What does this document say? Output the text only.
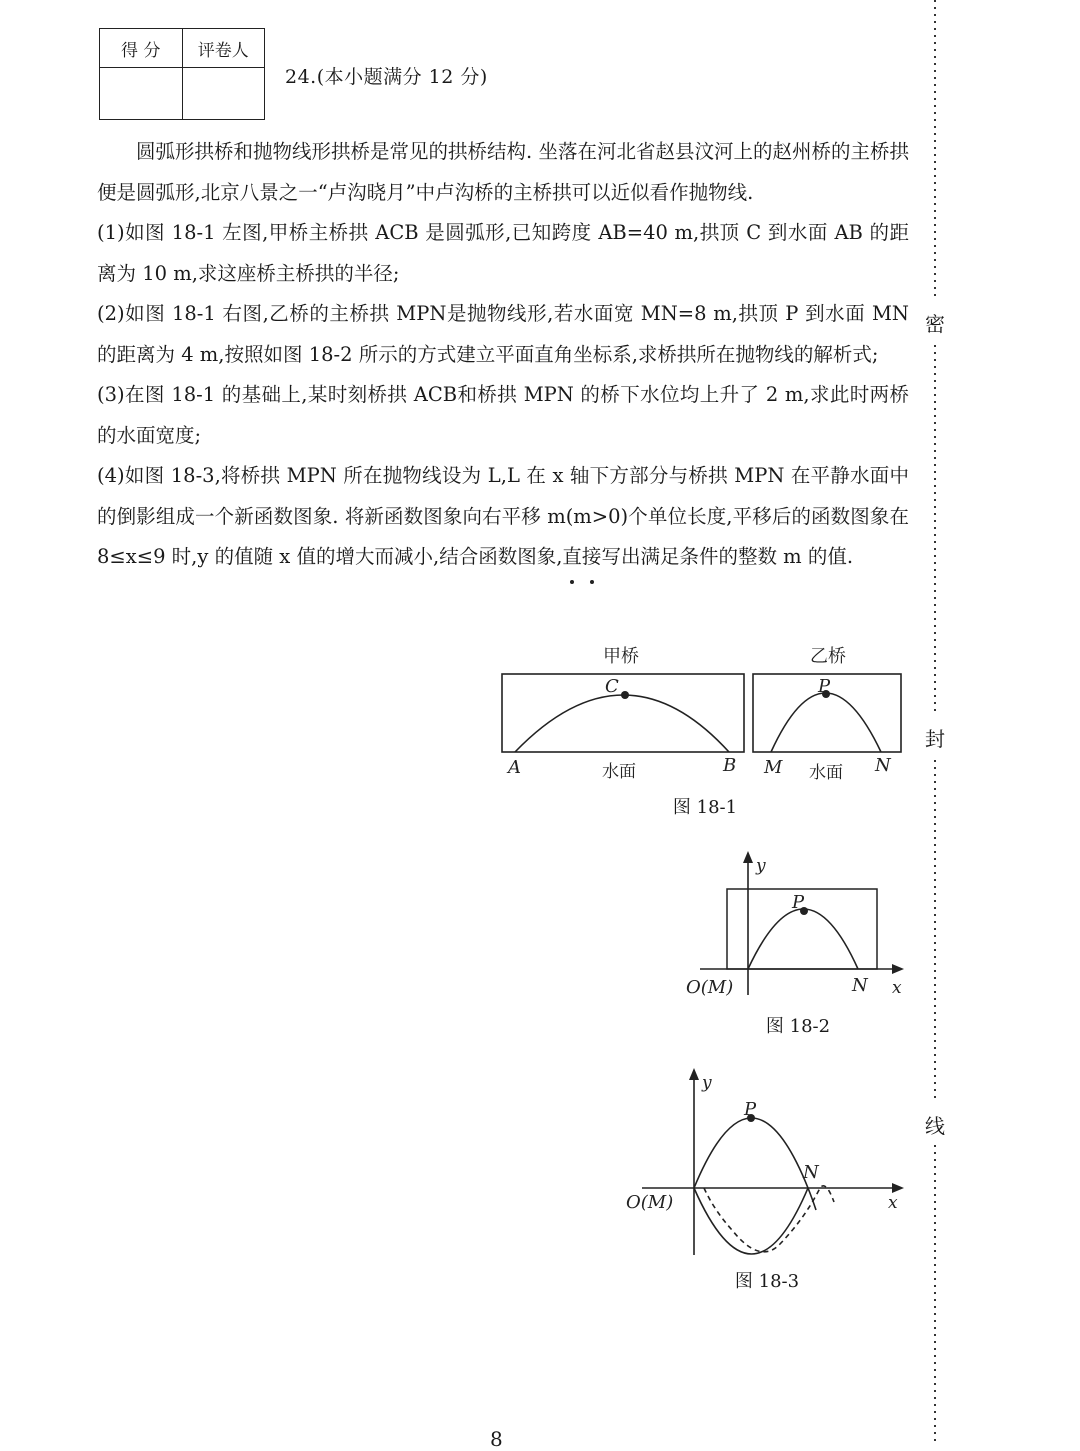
得 分	评卷人

24.(本小题满分 12 分)

圆弧形拱桥和抛物线形拱桥是常见的拱桥结构. 坐落在河北省赵县汶河上的赵州桥的主桥拱便是圆弧形,北京八景之一“卢沟晓月”中卢沟桥的主桥拱可以近似看作抛物线.

(1)如图 18-1 左图,甲桥主桥拱 ACB 是圆弧形,已知跨度 AB=40 m,拱顶 C 到水面 AB 的距离为 10 m,求这座桥主桥拱的半径;

(2)如图 18-1 右图,乙桥的主桥拱 MPN是抛物线形,若水面宽 MN=8 m,拱顶 P 到水面 MN 的距离为 4 m,按照如图 18-2 所示的方式建立平面直角坐标系,求桥拱所在抛物线的解析式;

(3)在图 18-1 的基础上,某时刻桥拱 ACB和桥拱 MPN 的桥下水位均上升了 2 m,求此时两桥的水面宽度;

(4)如图 18-3,将桥拱 MPN 所在抛物线设为 L,L 在 x 轴下方部分与桥拱 MPN 在平静水面中的倒影组成一个新函数图象. 将新函数图象向右平移 m(m>0)个单位长度,平移后的函数图象在 8≤x≤9 时,y 的值随 x 值的增大而减小,结合函数图象,直接写出满足条件的整数 m 的值.

甲桥	乙桥
C
A	B
水面
P
M	N
水面
图 18-1
y
P
O(M)	N x
图 18-2
y
P
N
O(M)	x
图 18-3
密
封
线
8
